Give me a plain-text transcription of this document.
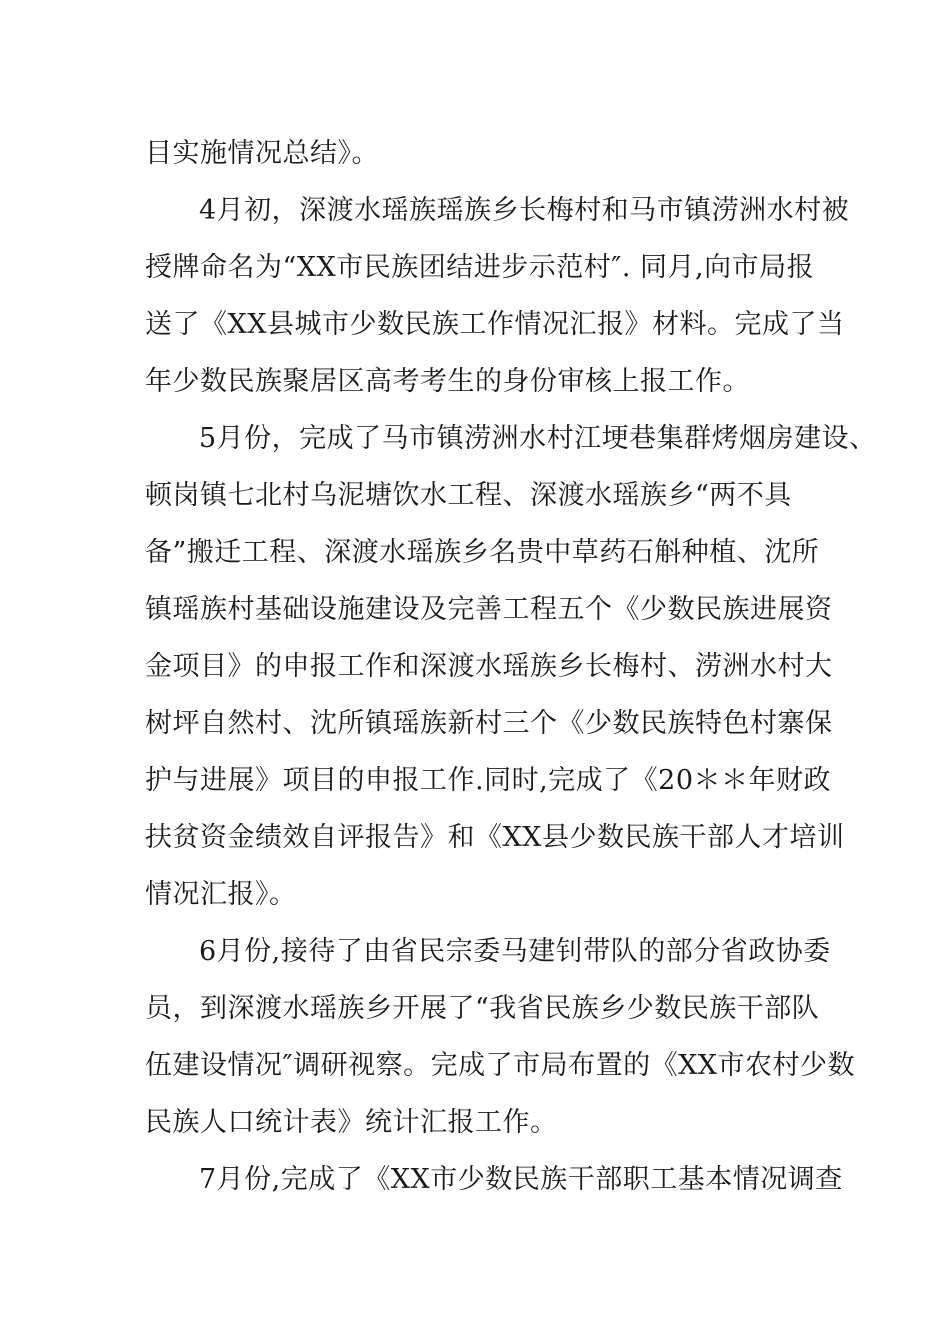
目实施情况总结》。
4月初，深渡水瑶族瑶族乡长梅村和马市镇涝洲水村被
授牌命名为“XX市民族团结进步示范村″. 同月,向市局报
送了《XX县城市少数民族工作情况汇报》材料。完成了当
年少数民族聚居区高考考生的身份审核上报工作。
5月份，完成了马市镇涝洲水村江埂巷集群烤烟房建设、
顿岗镇七北村乌泥塘饮水工程、深渡水瑶族乡“两不具
备”搬迁工程、深渡水瑶族乡名贵中草药石斛种植、沈所
镇瑶族村基础设施建设及完善工程五个《少数民族进展资
金项目》的申报工作和深渡水瑶族乡长梅村、涝洲水村大
树坪自然村、沈所镇瑶族新村三个《少数民族特色村寨保
护与进展》项目的申报工作.同时,完成了《20＊＊年财政
扶贫资金绩效自评报告》和《XX县少数民族干部人才培训
情况汇报》。
6月份,接待了由省民宗委马建钊带队的部分省政协委
员，到深渡水瑶族乡开展了“我省民族乡少数民族干部队
伍建设情况″调研视察。完成了市局布置的《XX市农村少数
民族人口统计表》统计汇报工作。
7月份,完成了《XX市少数民族干部职工基本情况调查
